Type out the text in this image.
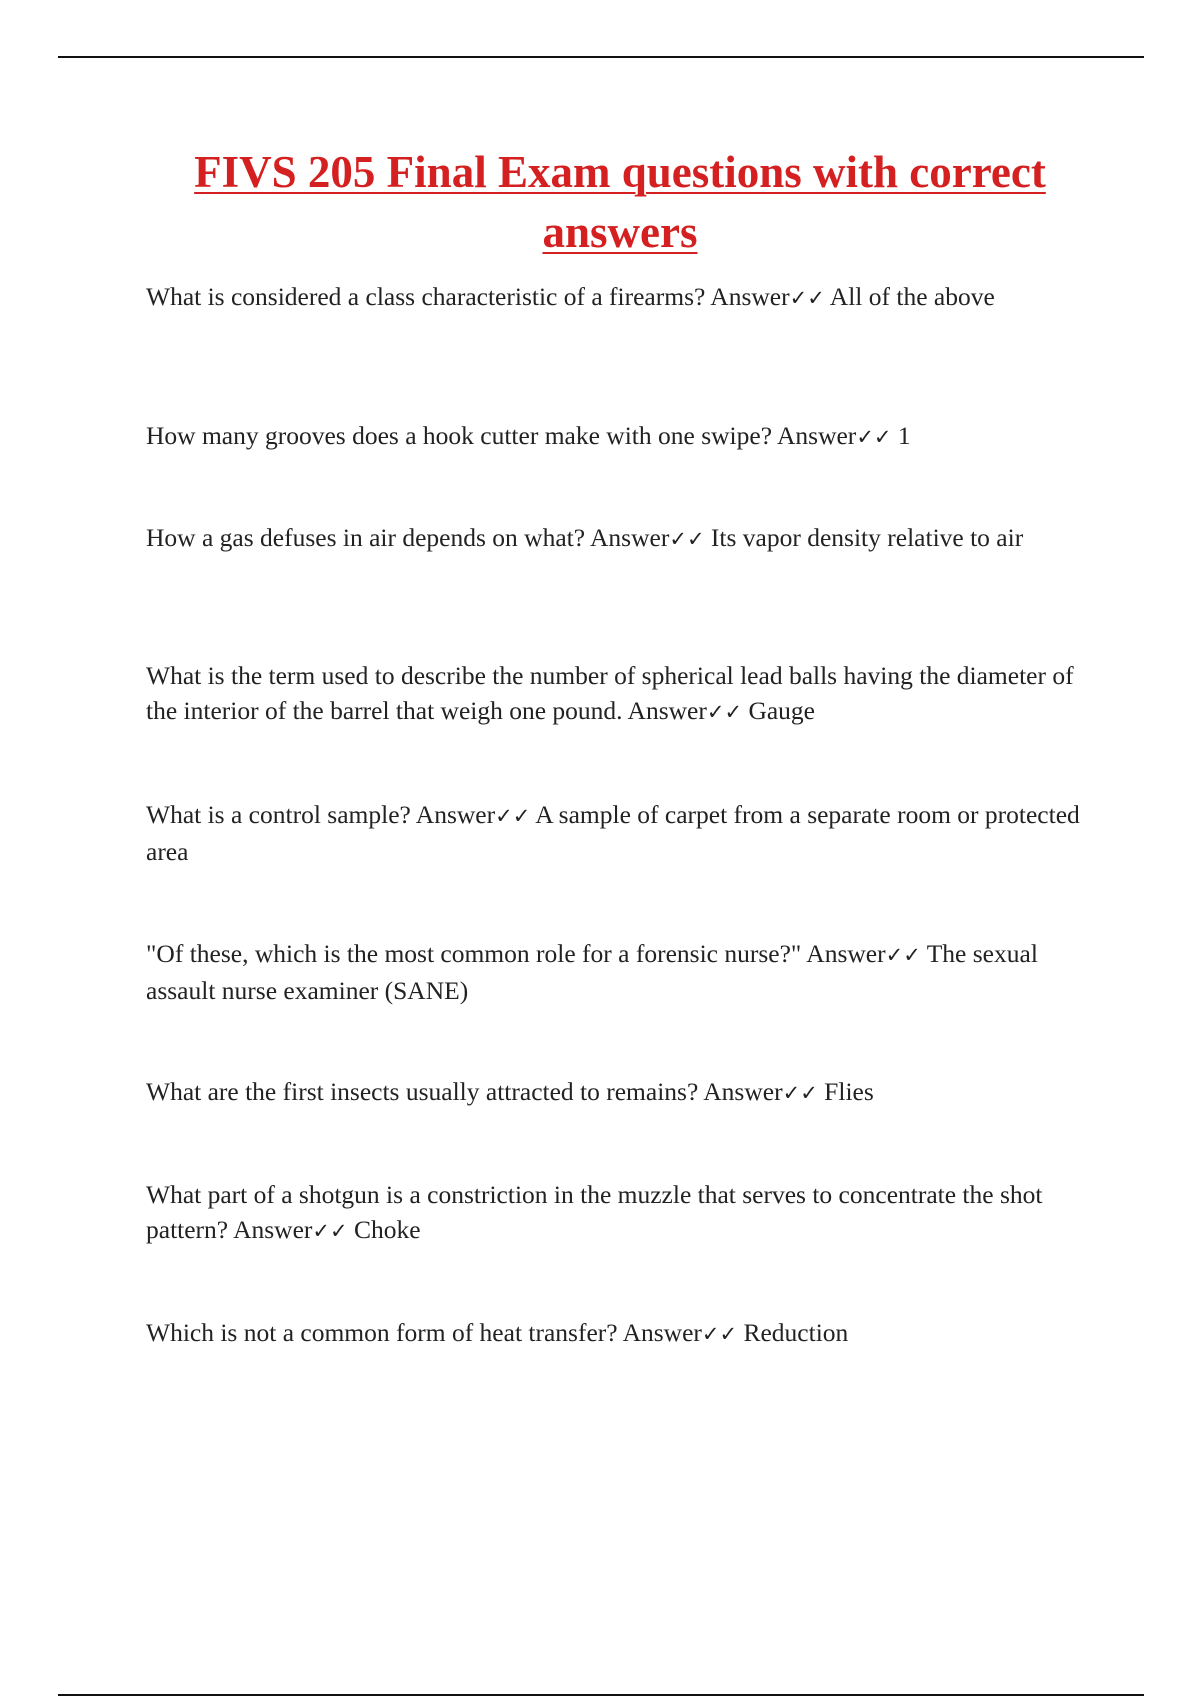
FIVS 205 Final Exam questions with correct answers

What is considered a class characteristic of a firearms? Answer✓✓ All of the above

How many grooves does a hook cutter make with one swipe? Answer✓✓ 1

How a gas defuses in air depends on what? Answer✓✓ Its vapor density relative to air

What is the term used to describe the number of spherical lead balls having the diameter of the interior of the barrel that weigh one pound. Answer✓✓ Gauge

What is a control sample? Answer✓✓ A sample of carpet from a separate room or protected area

"Of these, which is the most common role for a forensic nurse?" Answer✓✓ The sexual assault nurse examiner (SANE)

What are the first insects usually attracted to remains? Answer✓✓ Flies

What part of a shotgun is a constriction in the muzzle that serves to concentrate the shot pattern? Answer✓✓ Choke

Which is not a common form of heat transfer? Answer✓✓ Reduction
